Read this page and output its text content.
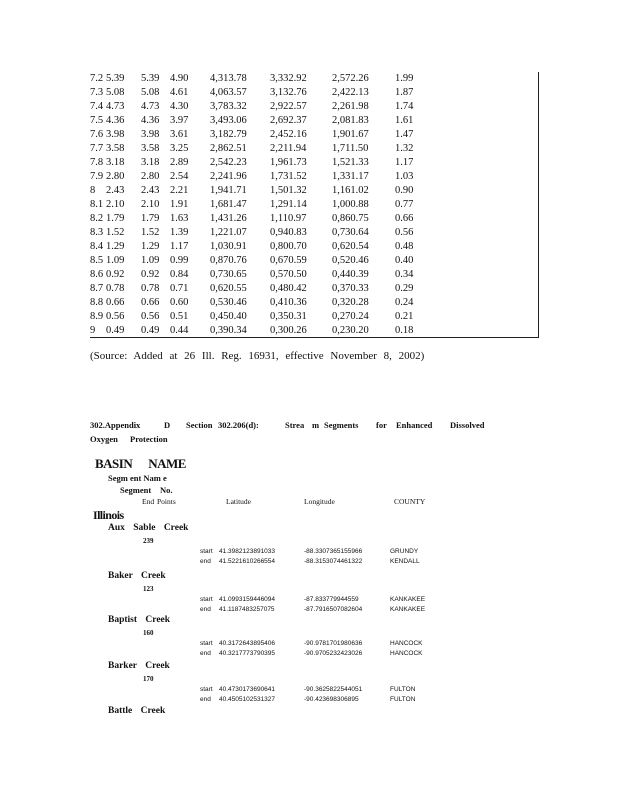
7.2 5.39 5.39 4.90 4,313.78 3,332.92 2,572.26	1.99
7.3 5.08 5.08 4.61 4,063.57 3,132.76 2,422.13	1.87
7.4 4.73 4.73 4.30 3,783.32 2,922.57 2,261.98	1.74
7.5 4.36 4.36 3.97 3,493.06 2,692.37 2,081.83	1.61
7.6 3.98 3.98 3.61 3,182.79 2,452.16 1,901.67	1.47
7.7 3.58 3.58 3.25 2,862.51 2,211.94 1,711.50	1.32
7.8 3.18 3.18 2.89 2,542.23 1,961.73 1,521.33	1.17
7.9 2.80 2.80 2.54 2,241.96 1,731.52 1,331.17	1.03
8 2.43 2.43 2.21 1,941.71 1,501.32 1,161.02	0.90
8.1 2.10 2.10 1.91 1,681.47 1,291.14 1,000.88	0.77
8.2 1.79 1.79 1.63 1,431.26 1,110.97 0,860.75	0.66
8.3 1.52 1.52 1.39 1,221.07 0,940.83 0,730.64	0.56
8.4 1.29 1.29 1.17 1,030.91 0,800.70 0,620.54	0.48
8.5 1.09 1.09 0.99 0,870.76 0,670.59 0,520.46	0.40
8.6 0.92 0.92 0.84 0,730.65 0,570.50 0,440.39	0.34
8.7 0.78 0.78 0.71 0,620.55 0,480.42 0,370.33	0.29
8.8 0.66 0.66 0.60 0,530.46 0,410.36 0,320.28	0.24
8.9 0.56 0.56 0.51 0,450.40 0,350.31 0,270.24	0.21
9 0.49 0.49 0.44 0,390.34 0,300.26 0,230.20	0.18
(Source: Added at 26 Ill. Reg. 16931, effective November 8, 2002)
302.Appendix	D Section 302.206(d):	Strea m Segments for Enhanced Dissolved
Oxygen Protection
BASIN NAME
Segm ent Nam e
Segment No.
End Points	Latitude	Longitude	COUNTY
Illinois
Aux Sable Creek
239
start 41.3982123891033	-88.3307365155966	GRUNDY
end 41.5221610266554	-88.3153074461322	KENDALL
Baker Creek
123
start 41.0993159446094	-87.833779944559	KANKAKEE
end 41.1187483257075	-87.7916507082604	KANKAKEE
Baptist Creek
160
start 40.3172643895406	-90.9781701980636	HANCOCK
end 40.3217773790395	-90.9705232423026	HANCOCK
Barker Creek
170
start 40.4730173690641	-90.3625822544051	FULTON
end 40.4505102531327	-90.423698306895	FULTON
Battle Creek
